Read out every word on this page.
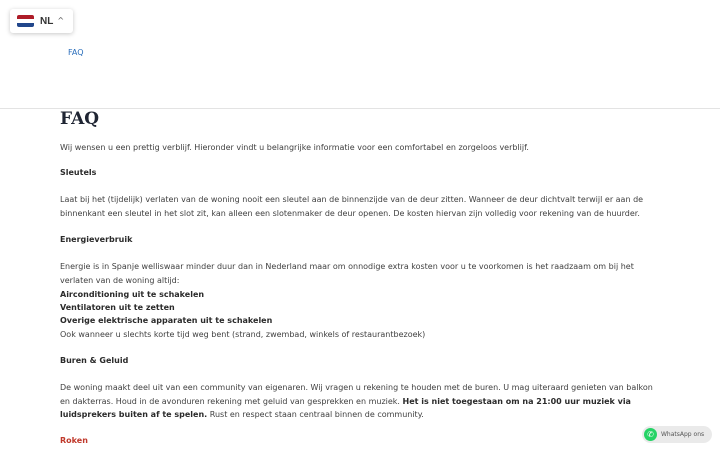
NL ^
FAQ
FAQ
Wij wensen u een prettig verblijf. Hieronder vindt u belangrijke informatie voor een comfortabel en zorgeloos verblijf.
Sleutels
Laat bij het (tijdelijk) verlaten van de woning nooit een sleutel aan de binnenzijde van de deur zitten. Wanneer de deur dichtvalt terwijl er aan de binnenkant een sleutel in het slot zit, kan alleen een slotenmaker de deur openen. De kosten hiervan zijn volledig voor rekening van de huurder.
Energieverbruik
Energie is in Spanje welliswaar minder duur dan in Nederland maar om onnodige extra kosten voor u te voorkomen is het raadzaam om bij het verlaten van de woning altijd:
Airconditioning uit te schakelen
Ventilatoren uit te zetten
Overige elektrische apparaten uit te schakelen
Ook wanneer u slechts korte tijd weg bent (strand, zwembad, winkels of restaurantbezoek)
Buren & Geluid
De woning maakt deel uit van een community van eigenaren. Wij vragen u rekening te houden met de buren. U mag uiteraard genieten van balkon en dakterras. Houd in de avonduren rekening met geluid van gesprekken en muziek. Het is niet toegestaan om na 21:00 uur muziek via luidsprekers buiten af te spelen. Rust en respect staan centraal binnen de community.
Roken
✆	WhatsApp ons
